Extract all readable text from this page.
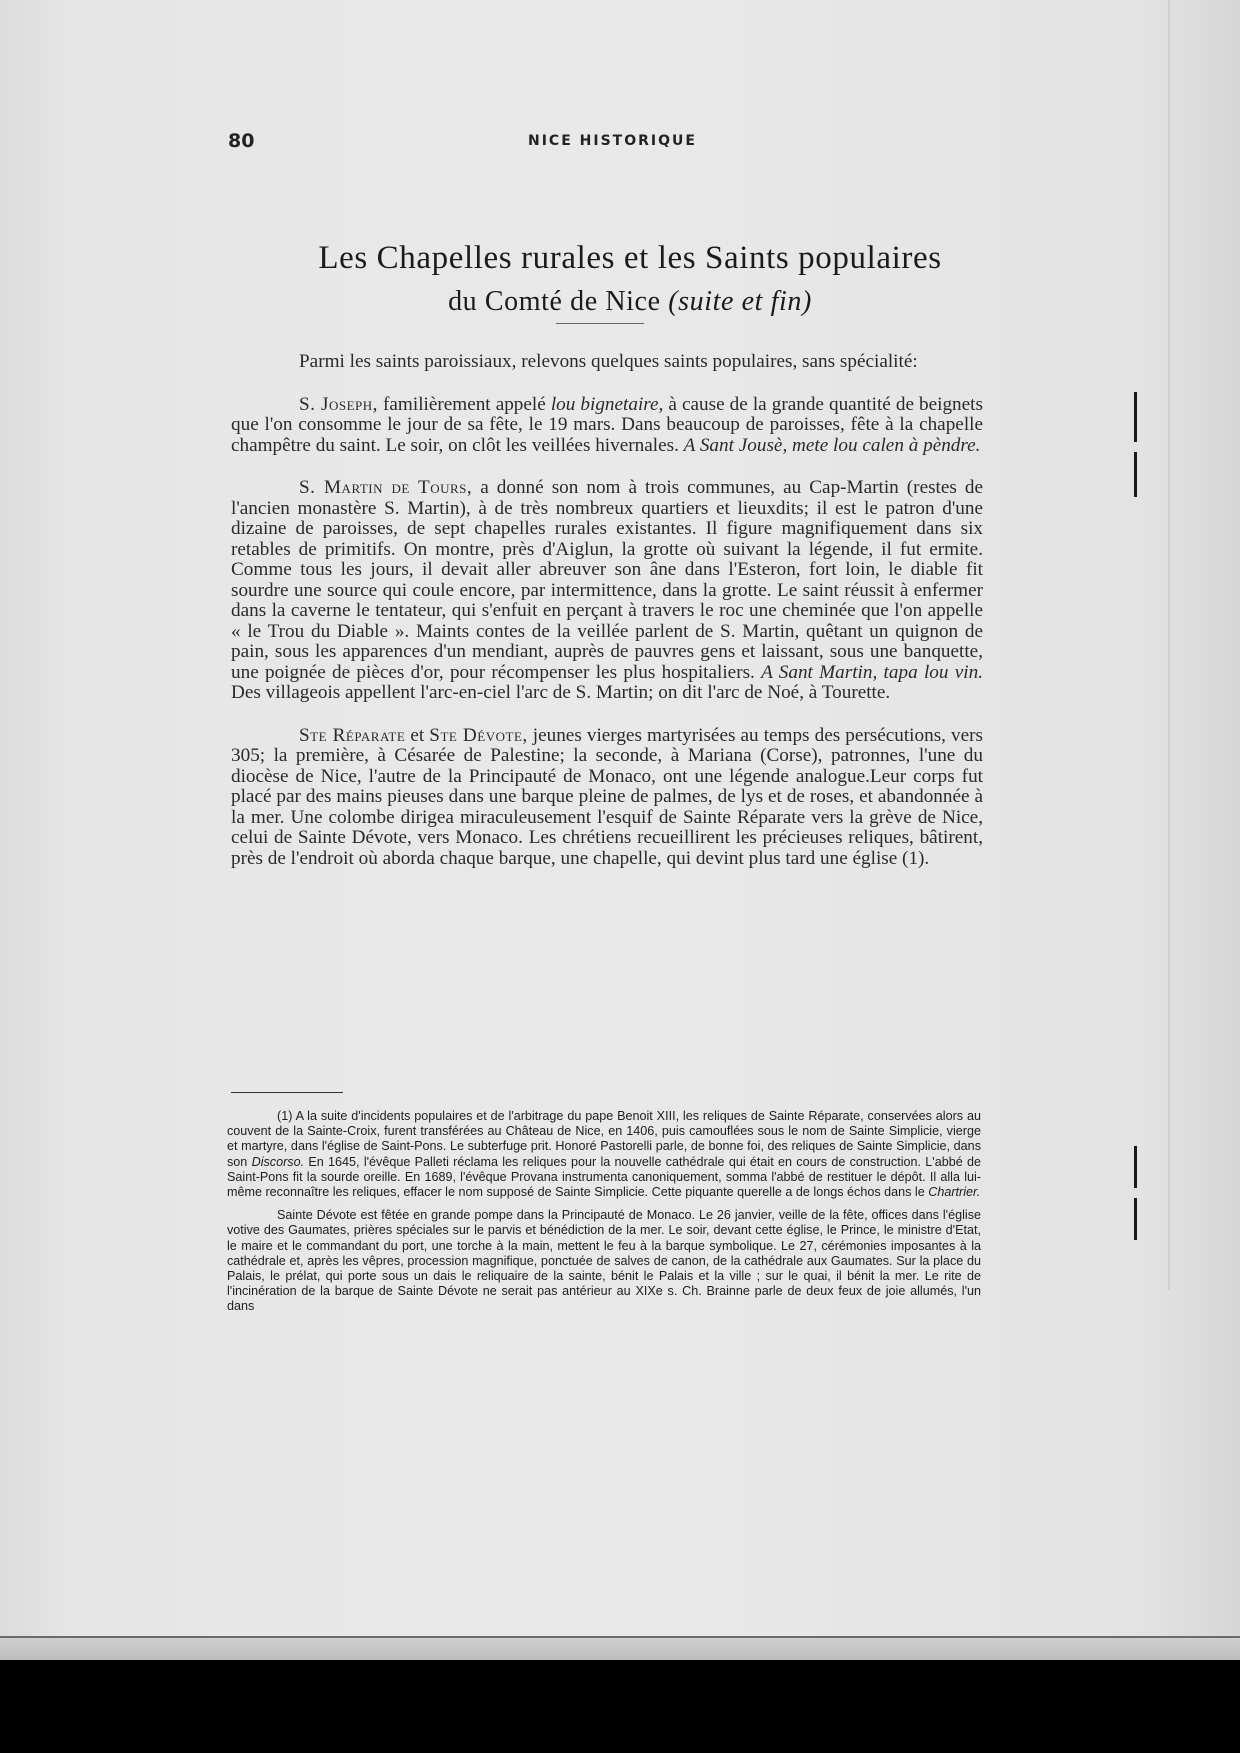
80	NICE HISTORIQUE
Les Chapelles rurales et les Saints populaires
du Comté de Nice (suite et fin)

Parmi les saints paroissiaux, relevons quelques saints populaires, sans spécialité:

S. Joseph, familièrement appelé lou bignetaire, à cause de la grande quantité de beignets que l'on consomme le jour de sa fête, le 19 mars. Dans beaucoup de paroisses, fête à la chapelle champêtre du saint. Le soir, on clôt les veillées hivernales. A Sant Jousè, mete lou calen à pèndre.

S. Martin de Tours, a donné son nom à trois communes, au Cap-Martin (restes de l'ancien monastère S. Martin), à de très nombreux quartiers et lieuxdits; il est le patron d'une dizaine de paroisses, de sept chapelles rurales existantes. Il figure magnifiquement dans six retables de primitifs. On montre, près d'Aiglun, la grotte où suivant la légende, il fut ermite. Comme tous les jours, il devait aller abreuver son âne dans l'Esteron, fort loin, le diable fit sourdre une source qui coule encore, par intermittence, dans la grotte. Le saint réussit à enfermer dans la caverne le tentateur, qui s'enfuit en perçant à travers le roc une cheminée que l'on appelle « le Trou du Diable ». Maints contes de la veillée parlent de S. Martin, quêtant un quignon de pain, sous les apparences d'un mendiant, auprès de pauvres gens et laissant, sous une banquette, une poignée de pièces d'or, pour récompenser les plus hospitaliers. A Sant Martin, tapa lou vin. Des villageois appellent l'arc-en-ciel l'arc de S. Martin; on dit l'arc de Noé, à Tourette.

Ste Réparate et Ste Dévote, jeunes vierges martyrisées au temps des persécutions, vers 305; la première, à Césarée de Palestine; la seconde, à Mariana (Corse), patronnes, l'une du diocèse de Nice, l'autre de la Principauté de Monaco, ont une légende analogue.Leur corps fut placé par des mains pieuses dans une barque pleine de palmes, de lys et de roses, et abandonnée à la mer. Une colombe dirigea miraculeusement l'esquif de Sainte Réparate vers la grève de Nice, celui de Sainte Dévote, vers Monaco. Les chrétiens recueillirent les précieuses reliques, bâtirent, près de l'endroit où aborda chaque barque, une chapelle, qui devint plus tard une église (1).

(1) A la suite d'incidents populaires et de l'arbitrage du pape Benoit XIII, les reliques de Sainte Réparate, conservées alors au couvent de la Sainte-Croix, furent transférées au Château de Nice, en 1406, puis camouflées sous le nom de Sainte Simplicie, vierge et martyre, dans l'église de Saint-Pons. Le subterfuge prit. Honoré Pastorelli parle, de bonne foi, des reliques de Sainte Simplicie, dans son Discorso. En 1645, l'évêque Palleti réclama les reliques pour la nouvelle cathédrale qui était en cours de construction. L'abbé de Saint-Pons fit la sourde oreille. En 1689, l'évêque Provana instrumenta canoniquement, somma l'abbé de restituer le dépôt. Il alla lui-même reconnaître les reliques, effacer le nom supposé de Sainte Simplicie. Cette piquante querelle a de longs échos dans le Chartrier.

Sainte Dévote est fêtée en grande pompe dans la Principauté de Monaco. Le 26 janvier, veille de la fête, offices dans l'église votive des Gaumates, prières spéciales sur le parvis et bénédiction de la mer. Le soir, devant cette église, le Prince, le ministre d'Etat, le maire et le commandant du port, une torche à la main, mettent le feu à la barque symbolique. Le 27, cérémonies imposantes à la cathédrale et, après les vêpres, procession magnifique, ponctuée de salves de canon, de la cathédrale aux Gaumates. Sur la place du Palais, le prélat, qui porte sous un dais le reliquaire de la sainte, bénit le Palais et la ville ; sur le quai, il bénit la mer. Le rite de l'incinération de la barque de Sainte Dévote ne serait pas antérieur au XIXe s. Ch. Brainne parle de deux feux de joie allumés, l'un dans
